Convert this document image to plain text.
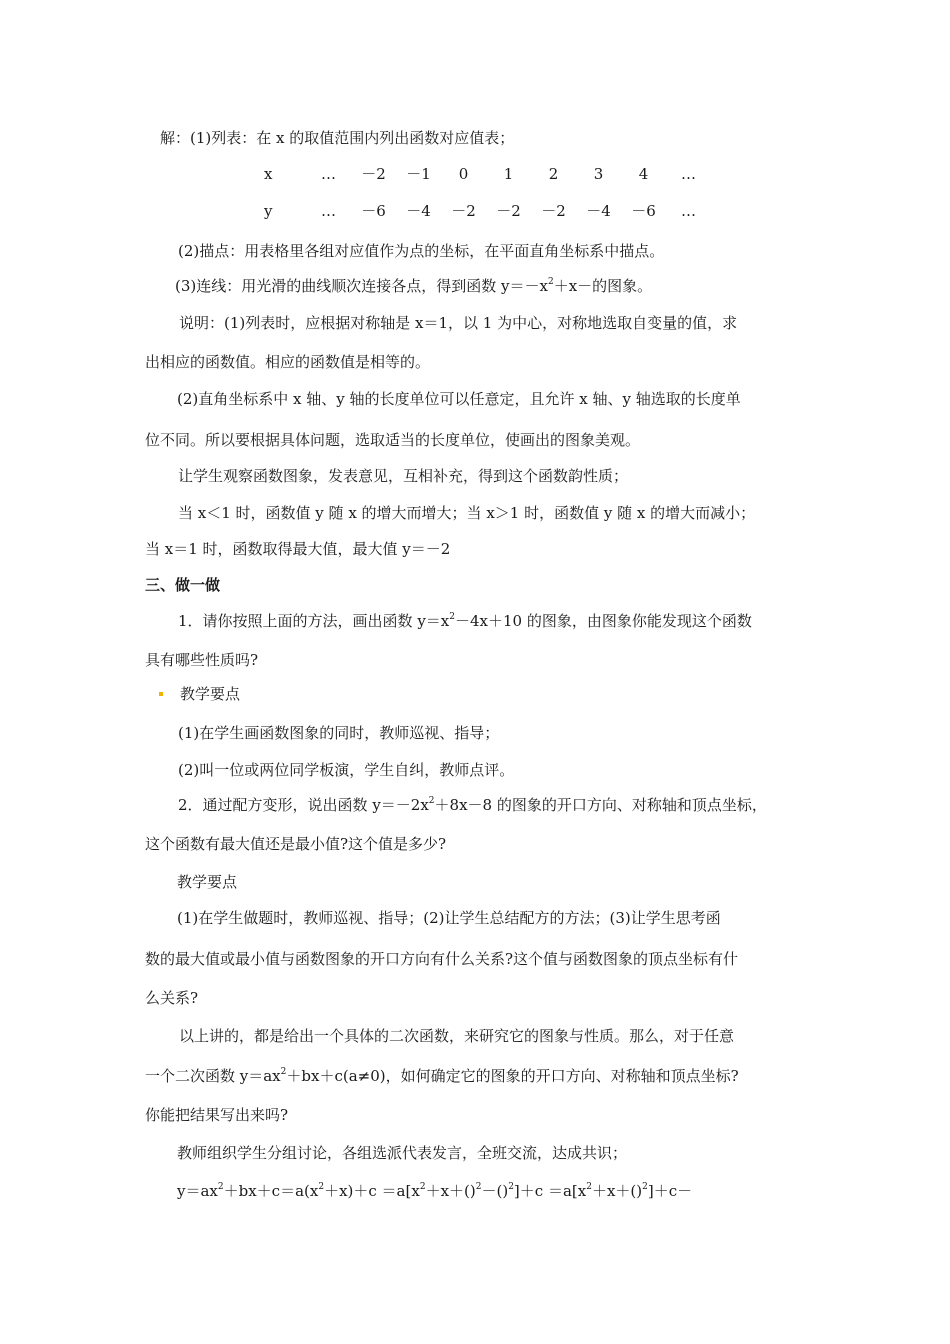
解：(1)列表：在 x 的取值范围内列出函数对应值表；
x	…	－2	－1	0	1	2	3	4	…
y	…	－6	－4	－2	－2	－2	－4	－6	…
(2)描点：用表格里各组对应值作为点的坐标，在平面直角坐标系中描点。
(3)连线：用光滑的曲线顺次连接各点，得到函数 $y=-x^2+x-$的图象。
说明：(1)列表时，应根据对称轴是 x＝1，以 1 为中心，对称地选取自变量的值，求
出相应的函数值。相应的函数值是相等的。
(2)直角坐标系中 x 轴、y 轴的长度单位可以任意定，且允许 x 轴、y 轴选取的长度单
位不同。所以要根据具体问题，选取适当的长度单位，使画出的图象美观。
让学生观察函数图象，发表意见，互相补充，得到这个函数韵性质；
当 x＜1 时，函数值 y 随 x 的增大而增大；当 x＞1 时，函数值 y 随 x 的增大而减小；
当 x＝1 时，函数取得最大值，最大值 y＝－2
三、做一做
1．请你按照上面的方法，画出函数 $y=x^2-4x+10$ 的图象，由图象你能发现这个函数
具有哪些性质吗?
教学要点
(1)在学生画函数图象的同时，教师巡视、指导；
(2)叫一位或两位同学板演，学生自纠，教师点评。
2．通过配方变形，说出函数 $y=-2x^2+8x-8$ 的图象的开口方向、对称轴和顶点坐标，
这个函数有最大值还是最小值?这个值是多少?
教学要点
(1)在学生做题时，教师巡视、指导；(2)让学生总结配方的方法；(3)让学生思考函
数的最大值或最小值与函数图象的开口方向有什么关系?这个值与函数图象的顶点坐标有什
么关系?
以上讲的，都是给出一个具体的二次函数，来研究它的图象与性质。那么，对于任意
一个二次函数 $y=ax^2+bx+c(a\ne 0)$，如何确定它的图象的开口方向、对称轴和顶点坐标?
你能把结果写出来吗?
教师组织学生分组讨论，各组选派代表发言，全班交流，达成共识；
$y=ax^2+bx+c=a(x^2+x)+c =a[x^2+x+()^2-()^2]+c =a[x^2+x+()^2]+c-$
